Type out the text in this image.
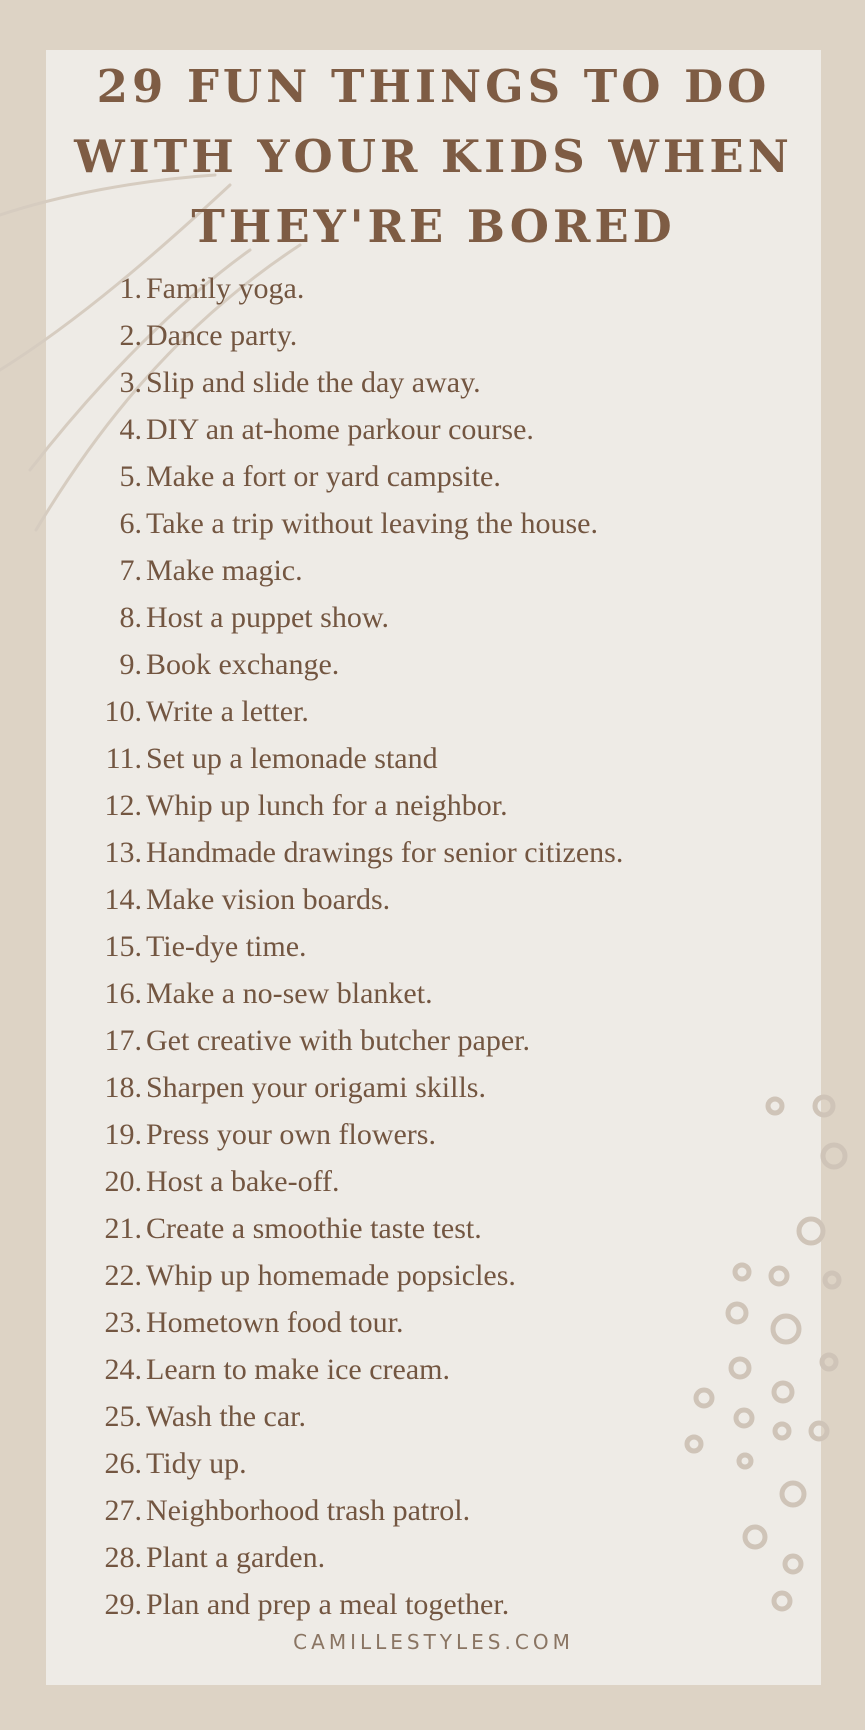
29 FUN THINGS TO DO
WITH YOUR KIDS WHEN
THEY'RE BORED
1. Family yoga.
2. Dance party.
3. Slip and slide the day away.
4. DIY an at-home parkour course.
5. Make a fort or yard campsite.
6. Take a trip without leaving the house.
7. Make magic.
8. Host a puppet show.
9. Book exchange.
10. Write a letter.
11. Set up a lemonade stand
12. Whip up lunch for a neighbor.
13. Handmade drawings for senior citizens.
14. Make vision boards.
15. Tie-dye time.
16. Make a no-sew blanket.
17. Get creative with butcher paper.
18. Sharpen your origami skills.
19. Press your own flowers.
20. Host a bake-off.
21. Create a smoothie taste test.
22. Whip up homemade popsicles.
23. Hometown food tour.
24. Learn to make ice cream.
25. Wash the car.
26. Tidy up.
27. Neighborhood trash patrol.
28. Plant a garden.
29. Plan and prep a meal together.
CAMILLESTYLES.COM
